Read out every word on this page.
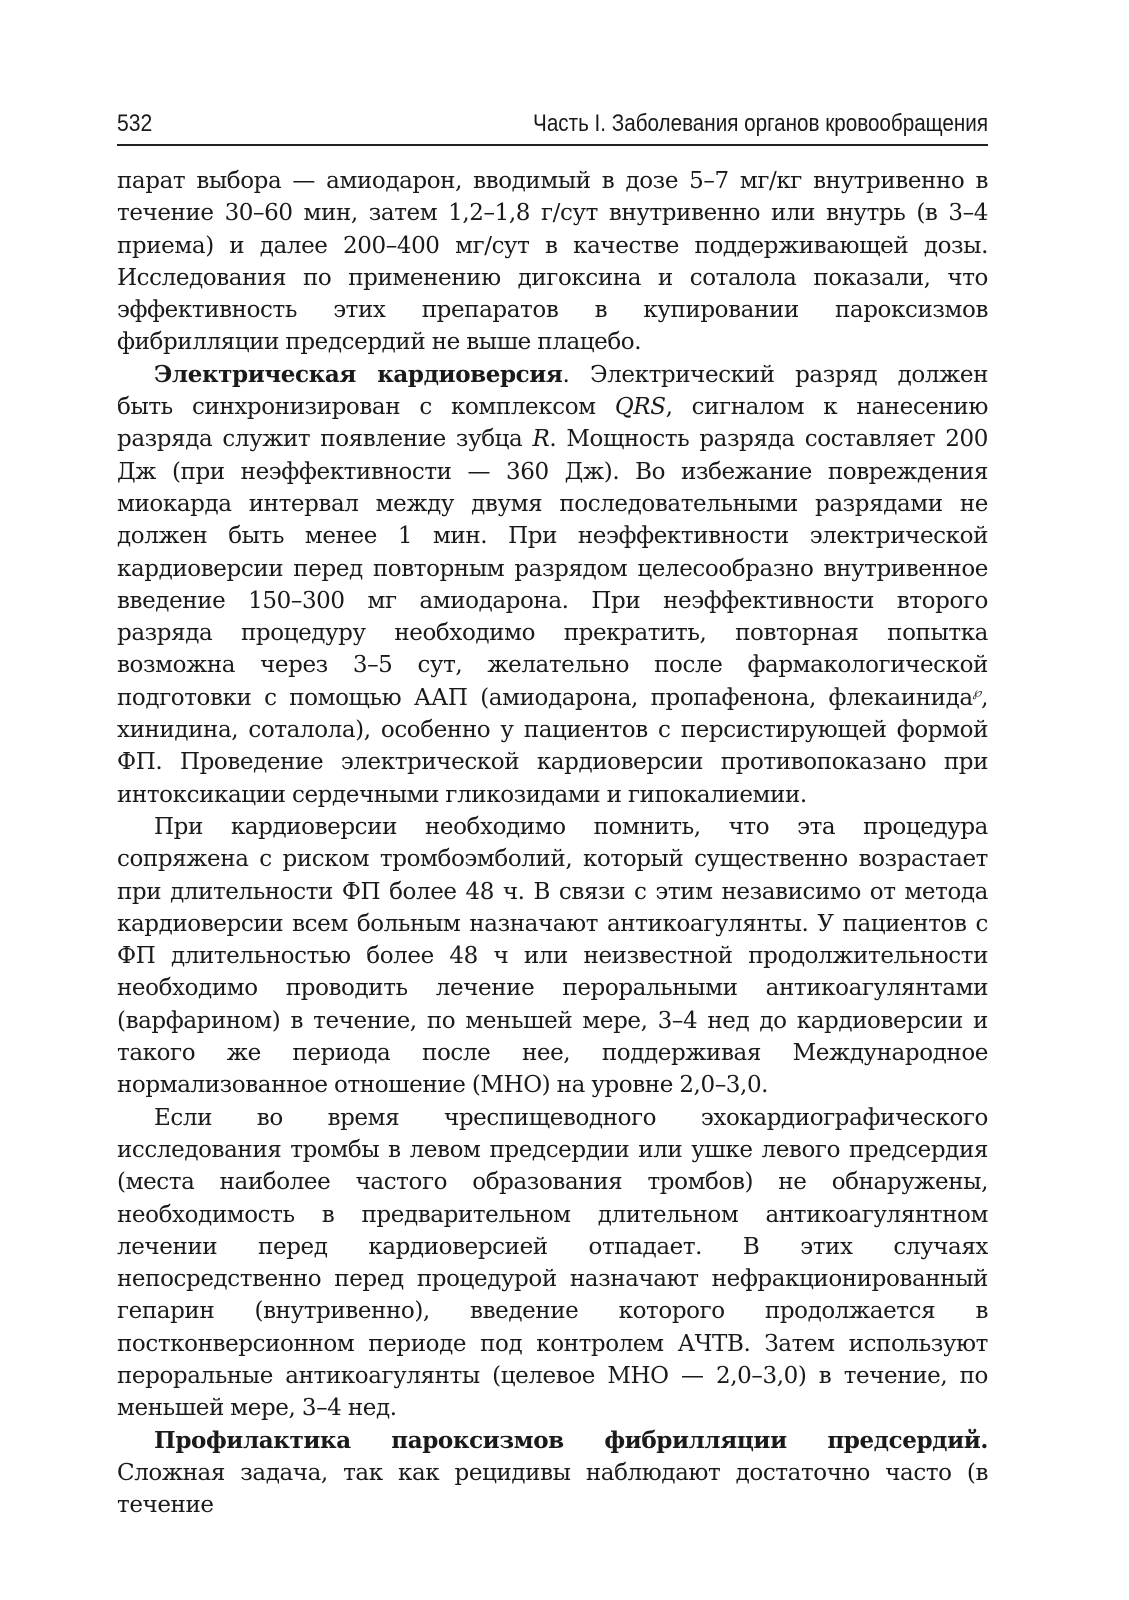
532	Часть I. Заболевания органов кровообращения

парат выбора — амиодарон, вводимый в дозе 5–7 мг/кг внутривенно в течение 30–60 мин, затем 1,2–1,8 г/сут внутривенно или внутрь (в 3–4 приема) и далее 200–400 мг/сут в качестве поддерживающей дозы. Исследования по применению дигоксина и соталола показали, что эффективность этих препаратов в купировании пароксизмов фибрилляции предсердий не выше плацебо.

Электрическая кардиоверсия. Электрический разряд должен быть синхронизирован с комплексом QRS, сигналом к нанесению разряда служит появление зубца R. Мощность разряда составляет 200 Дж (при неэффективности — 360 Дж). Во избежание повреждения миокарда интервал между двумя последовательными разрядами не должен быть менее 1 мин. При неэффективности электрической кардиоверсии перед повторным разрядом целесообразно внутривенное введение 150–300 мг амиодарона. При неэффективности второго разряда процедуру необходимо прекратить, повторная попытка возможна через 3–5 сут, желательно после фармакологической подготовки с помощью ААП (амиодарона, пропафенона, флекаинида℘, хинидина, соталола), особенно у пациентов с персистирующей формой ФП. Проведение электрической кардиоверсии противопоказано при интоксикации сердечными гликозидами и гипокалиемии.

При кардиоверсии необходимо помнить, что эта процедура сопряжена с риском тромбоэмболий, который существенно возрастает при длительности ФП более 48 ч. В связи с этим независимо от метода кардиоверсии всем больным назначают антикоагулянты. У пациентов с ФП длительностью более 48 ч или неизвестной продолжительности необходимо проводить лечение пероральными антикоагулянтами (варфарином) в течение, по меньшей мере, 3–4 нед до кардиоверсии и такого же периода после нее, поддерживая Международное нормализованное отношение (МНО) на уровне 2,0–3,0.

Если во время чреспищеводного эхокардиографического исследования тромбы в левом предсердии или ушке левого предсердия (места наиболее частого образования тромбов) не обнаружены, необходимость в предварительном длительном антикоагулянтном лечении перед кардиоверсией отпадает. В этих случаях непосредственно перед процедурой назначают нефракционированный гепарин (внутривенно), введение которого продолжается в постконверсионном периоде под контролем АЧТВ. Затем используют пероральные антикоагулянты (целевое МНО — 2,0–3,0) в течение, по меньшей мере, 3–4 нед.

Профилактика пароксизмов фибрилляции предсердий. Сложная задача, так как рецидивы наблюдают достаточно часто (в течение
